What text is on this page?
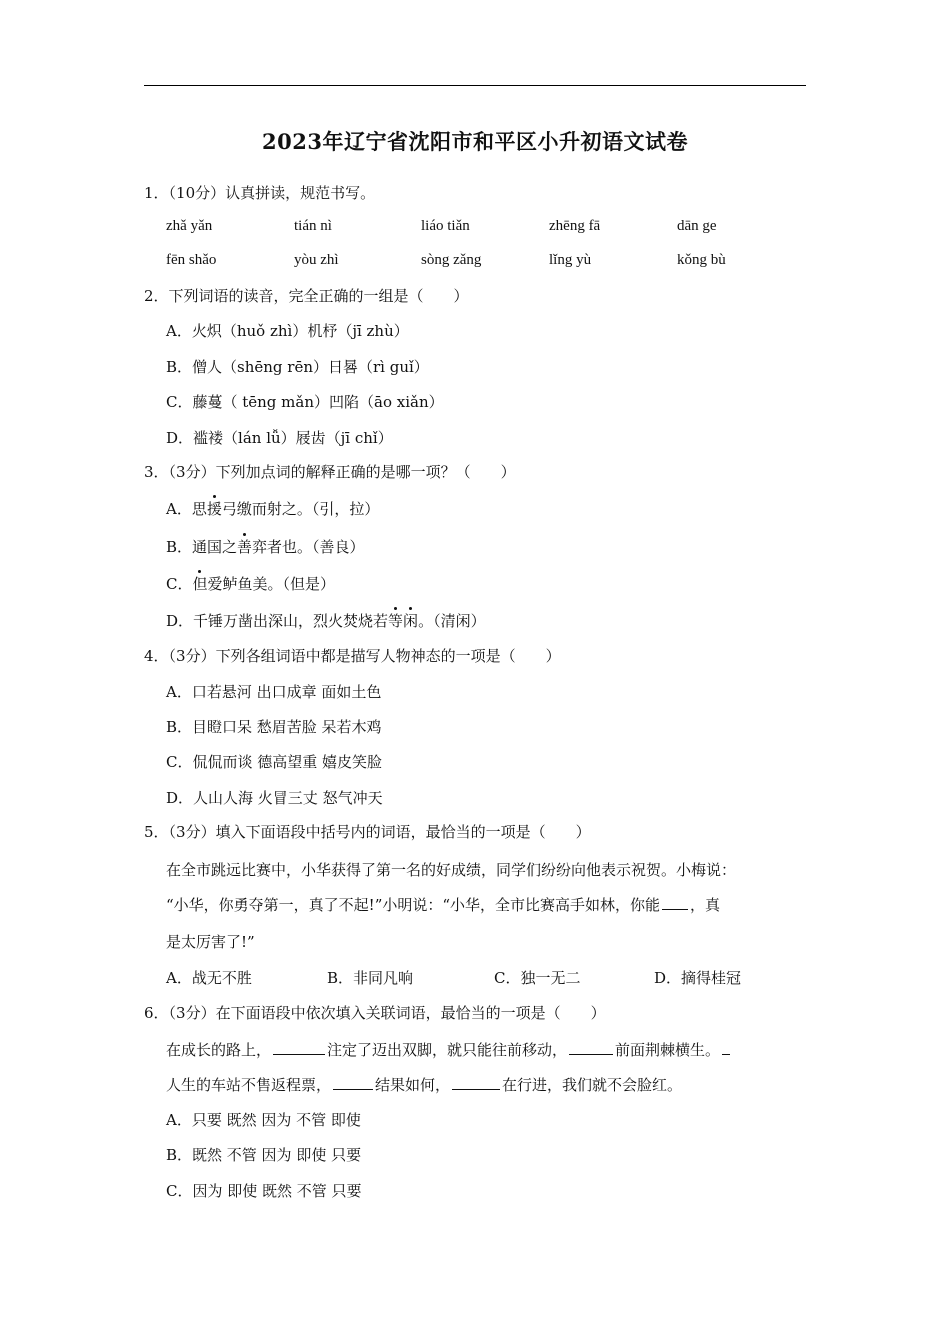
2023年辽宁省沈阳市和平区小升初语文试卷
1．（10分）认真拼读，规范书写。
zhǎ yǎn	tián nì	liáo tiǎn	zhēng fā	dān ge
fēn shǎo	yòu zhì	sòng zǎng	lǐng yù	kǒng bù
2．下列词语的读音，完全正确的一组是（　　）
A．火炽（huǒ zhì）机杼（jī zhù）
B．僧人（shēng rēn）日晷（rì guǐ）
C．藤蔓（ tēng mǎn）凹陷（āo xiǎn）
D．褴褛（lán lǚ）屐齿（jī chǐ）
3．（3分）下列加点词的解释正确的是哪一项？（　　）
A．思援弓缴而射之。（引，拉）
B．通国之善弈者也。（善良）
C．但爱鲈鱼美。（但是）
D．千锤万凿出深山，烈火焚烧若等闲。（清闲）
4．（3分）下列各组词语中都是描写人物神态的一项是（　　）
A．口若悬河 出口成章 面如土色
B．目瞪口呆 愁眉苦脸 呆若木鸡
C．侃侃而谈 德高望重 嬉皮笑脸
D．人山人海 火冒三丈 怒气冲天
5．（3分）填入下面语段中括号内的词语，最恰当的一项是（　　）
在全市跳远比赛中，小华获得了第一名的好成绩，同学们纷纷向他表示祝贺。小梅说：
“小华，你勇夺第一，真了不起!”小明说：“小华，全市比赛高手如林，你能 ，真
是太厉害了!”
A．战无不胜	B．非同凡响	C．独一无二	D．摘得桂冠
6．（3分）在下面语段中依次填入关联词语，最恰当的一项是（　　）
在成长的路上，	注定了迈出双脚，就只能往前移动，	前面荆棘横生。
人生的车站不售返程票，	结果如何，	在行进，我们就不会脸红。
A．只要 既然 因为 不管 即使
B．既然 不管 因为 即使 只要
C．因为 即使 既然 不管 只要
